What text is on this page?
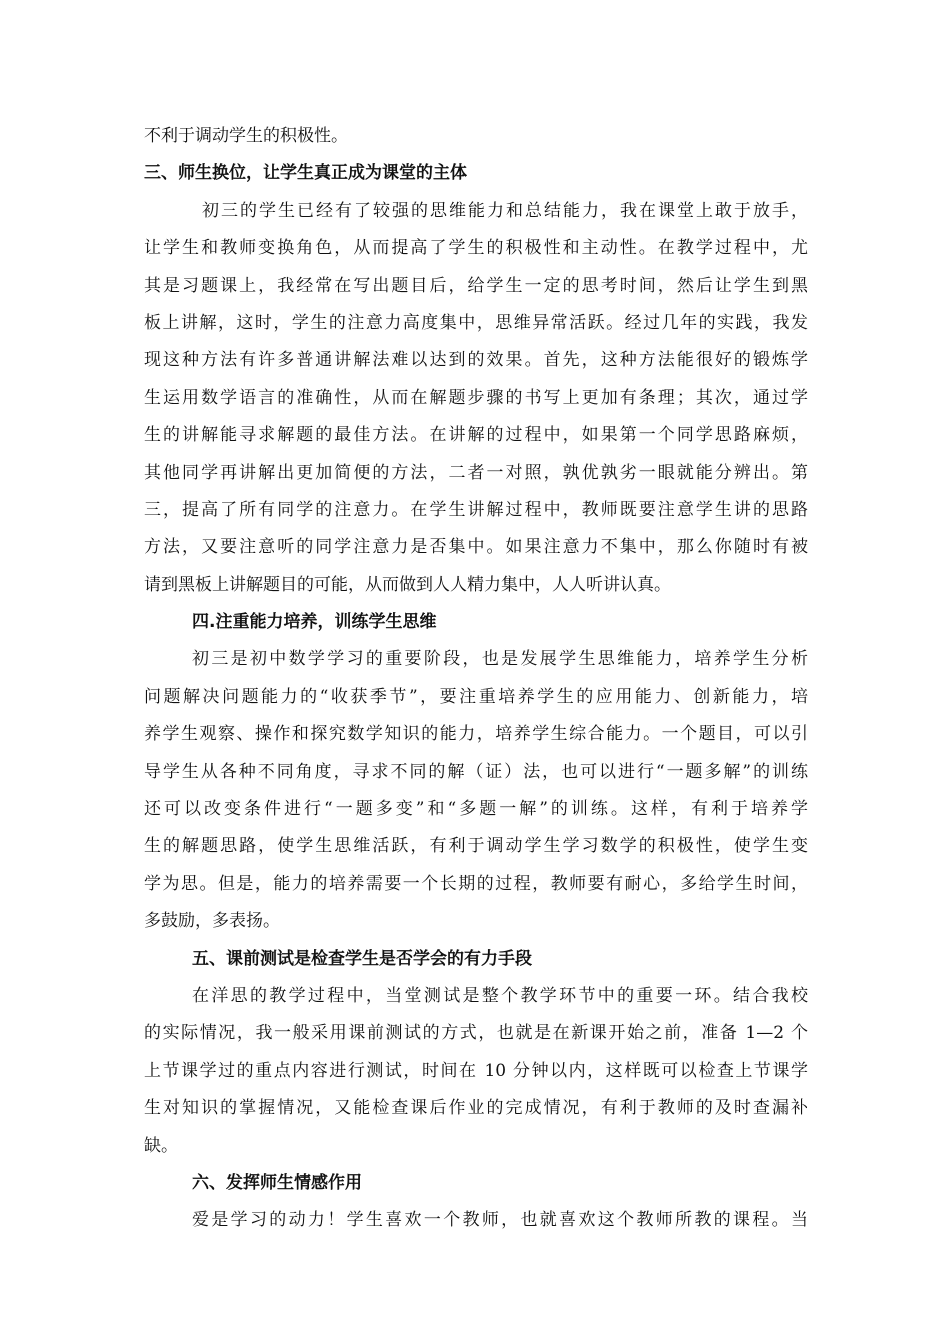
不利于调动学生的积极性。
三、师生换位，让学生真正成为课堂的主体
初三的学生已经有了较强的思维能力和总结能力，我在课堂上敢于放手，
让学生和教师变换角色，从而提高了学生的积极性和主动性。在教学过程中，尤
其是习题课上，我经常在写出题目后，给学生一定的思考时间，然后让学生到黑
板上讲解，这时，学生的注意力高度集中，思维异常活跃。经过几年的实践，我发
现这种方法有许多普通讲解法难以达到的效果。首先，这种方法能很好的锻炼学
生运用数学语言的准确性，从而在解题步骤的书写上更加有条理；其次，通过学
生的讲解能寻求解题的最佳方法。在讲解的过程中，如果第一个同学思路麻烦，
其他同学再讲解出更加简便的方法，二者一对照，孰优孰劣一眼就能分辨出。第
三，提高了所有同学的注意力。在学生讲解过程中，教师既要注意学生讲的思路
方法，又要注意听的同学注意力是否集中。如果注意力不集中，那么你随时有被
请到黑板上讲解题目的可能，从而做到人人精力集中，人人听讲认真。
四.注重能力培养，训练学生思维
初三是初中数学学习的重要阶段，也是发展学生思维能力，培养学生分析
问题解决问题能力的“收获季节”，要注重培养学生的应用能力、创新能力，培
养学生观察、操作和探究数学知识的能力，培养学生综合能力。一个题目，可以引
导学生从各种不同角度，寻求不同的解（证）法，也可以进行“一题多解”的训练
还可以改变条件进行“一题多变”和“多题一解”的训练。这样，有利于培养学
生的解题思路，使学生思维活跃，有利于调动学生学习数学的积极性，使学生变
学为思。但是，能力的培养需要一个长期的过程，教师要有耐心，多给学生时间，
多鼓励，多表扬。
五、课前测试是检查学生是否学会的有力手段
在洋思的教学过程中，当堂测试是整个教学环节中的重要一环。结合我校
的实际情况，我一般采用课前测试的方式，也就是在新课开始之前，准备 1—2 个
上节课学过的重点内容进行测试，时间在 10 分钟以内，这样既可以检查上节课学
生对知识的掌握情况，又能检查课后作业的完成情况，有利于教师的及时查漏补
缺。
六、发挥师生情感作用
爱是学习的动力！学生喜欢一个教师，也就喜欢这个教师所教的课程。当
